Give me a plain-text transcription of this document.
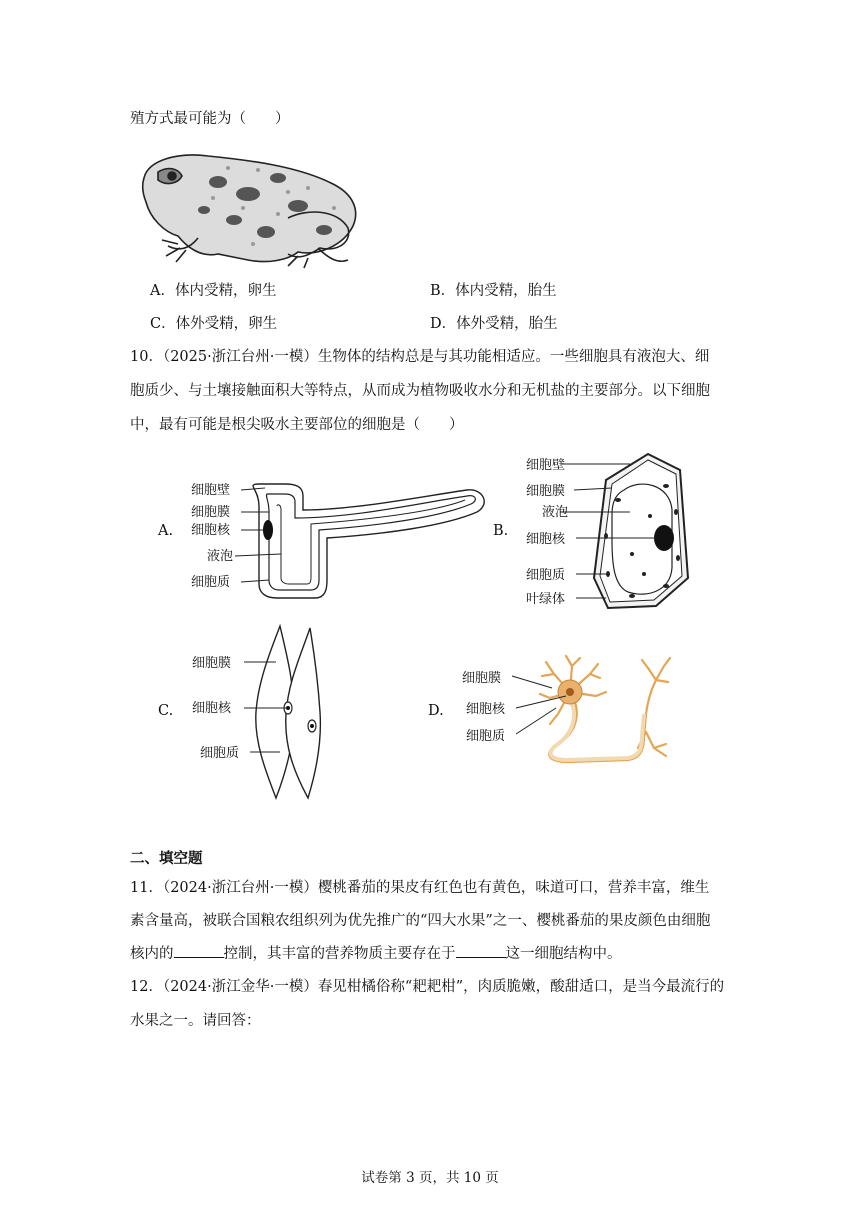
殖方式最可能为（　　）
A．体内受精，卵生	B．体内受精，胎生
C．体外受精，卵生	D．体外受精，胎生
10．（2025·浙江台州·一模）生物体的结构总是与其功能相适应。一些细胞具有液泡大、细
胞质少、与土壤接触面积大等特点，从而成为植物吸收水分和无机盐的主要部分。以下细胞
中，最有可能是根尖吸水主要部位的细胞是（　　）
A.
细胞壁
细胞膜
细胞核
液泡
细胞质
B.
细胞壁
细胞膜
液泡
细胞核
细胞质
叶绿体
C.
细胞膜
细胞核
细胞质
D.
细胞膜
细胞核
细胞质
二、填空题
11．（2024·浙江台州·一模）樱桃番茄的果皮有红色也有黄色，味道可口，营养丰富，维生
素含量高，被联合国粮农组织列为优先推广的“四大水果”之一、樱桃番茄的果皮颜色由细胞
核内的	控制，其丰富的营养物质主要存在于	这一细胞结构中。
12．（2024·浙江金华·一模）春见柑橘俗称“耙耙柑”，肉质脆嫩，酸甜适口，是当今最流行的
水果之一。请回答：
试卷第 3 页，共 10 页
